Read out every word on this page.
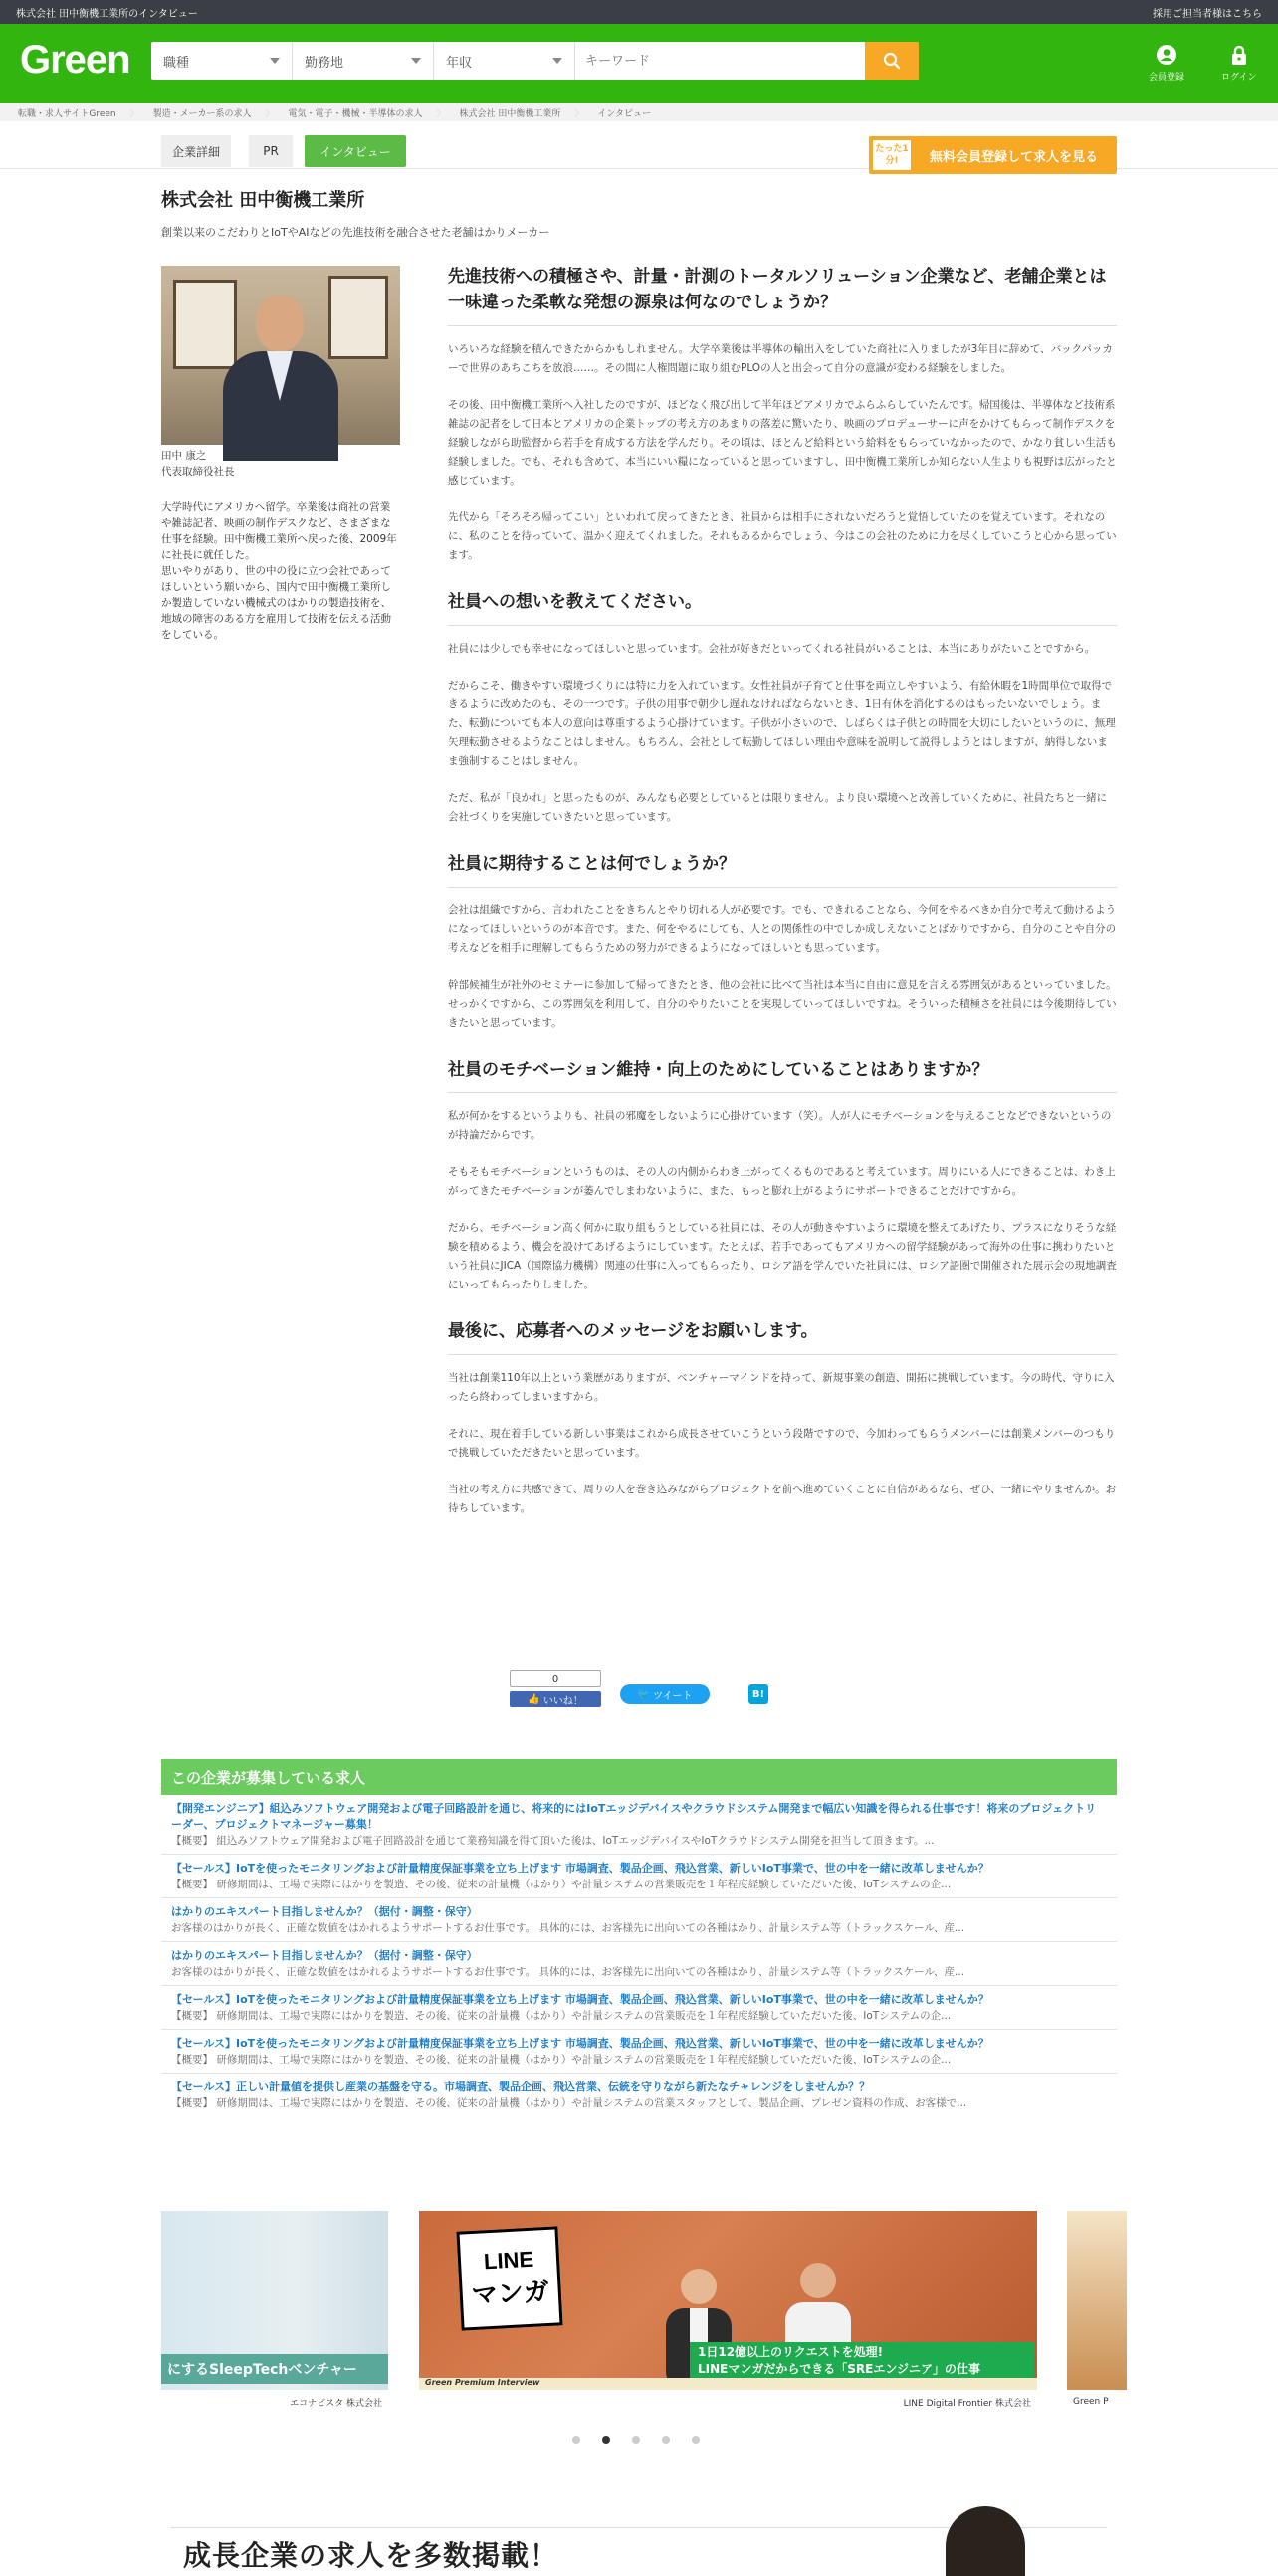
株式会社 田中衡機工業所のインタビュー	採用ご担当者様はこちら
Green	職種	勤務地	年収
キーワード
会員登録	ログイン
転職・求人サイトGreen 〉 製造・メーカー系の求人 〉 電気・電子・機械・半導体の求人 〉 株式会社 田中衡機工業所 〉 インタビュー
企業詳細	PR	インタビュー	たった1分!	無料会員登録して求人を見る
株式会社 田中衡機工業所

創業以来のこだわりとIoTやAIなどの先進技術を融合させた老舗はかりメーカー

田中 康之
代表取締役社長
大学時代にアメリカへ留学。卒業後は商社の営業や雑誌記者、映画の制作デスクなど、さまざまな仕事を経験。田中衡機工業所へ戻った後、2009年に社長に就任した。
思いやりがあり、世の中の役に立つ会社であってほしいという願いから、国内で田中衡機工業所しか製造していない機械式のはかりの製造技術を、地域の障害のある方を雇用して技術を伝える活動をしている。
先進技術への積極さや、計量・計測のトータルソリューション企業など、老舗企業とは一味違った柔軟な発想の源泉は何なのでしょうか？

いろいろな経験を積んできたからかもしれません。大学卒業後は半導体の輸出入をしていた商社に入りましたが3年目に辞めて、バックパッカーで世界のあちこちを放浪……。その間に人権問題に取り組むPLOの人と出会って自分の意識が変わる経験をしました。

その後、田中衡機工業所へ入社したのですが、ほどなく飛び出して半年ほどアメリカでふらふらしていたんです。帰国後は、半導体など技術系雑誌の記者をして日本とアメリカの企業トップの考え方のあまりの落差に驚いたり、映画のプロデューサーに声をかけてもらって制作デスクを経験しながら助監督から若手を育成する方法を学んだり。その頃は、ほとんど給料という給料をもらっていなかったので、かなり貧しい生活も経験しました。でも、それも含めて、本当にいい糧になっていると思っていますし、田中衡機工業所しか知らない人生よりも視野は広がったと感じています。

先代から「そろそろ帰ってこい」といわれて戻ってきたとき、社員からは相手にされないだろうと覚悟していたのを覚えています。それなのに、私のことを待っていて、温かく迎えてくれました。それもあるからでしょう、今はこの会社のために力を尽くしていこうと心から思っています。

社員への想いを教えてください。

社員には少しでも幸せになってほしいと思っています。会社が好きだといってくれる社員がいることは、本当にありがたいことですから。

だからこそ、働きやすい環境づくりには特に力を入れています。女性社員が子育てと仕事を両立しやすいよう、有給休暇を1時間単位で取得できるように改めたのも、その一つです。子供の用事で朝少し遅れなければならないとき、1日有休を消化するのはもったいないでしょう。また、転勤についても本人の意向は尊重するよう心掛けています。子供が小さいので、しばらくは子供との時間を大切にしたいというのに、無理矢理転勤させるようなことはしません。もちろん、会社として転勤してほしい理由や意味を説明して説得しようとはしますが、納得しないまま強制することはしません。

ただ、私が「良かれ」と思ったものが、みんなも必要としているとは限りません。より良い環境へと改善していくために、社員たちと一緒に会社づくりを実施していきたいと思っています。

社員に期待することは何でしょうか？

会社は組織ですから、言われたことをきちんとやり切れる人が必要です。でも、できれることなら、今何をやるべきか自分で考えて動けるようになってほしいというのが本音です。また、何をやるにしても、人との関係性の中でしか成しえないことばかりですから、自分のことや自分の考えなどを相手に理解してもらうための努力ができるようになってほしいとも思っています。

幹部候補生が社外のセミナーに参加して帰ってきたとき、他の会社に比べて当社は本当に自由に意見を言える雰囲気があるといっていました。せっかくですから、この雰囲気を利用して、自分のやりたいことを実現していってほしいですね。そういった積極さを社員には今後期待していきたいと思っています。

社員のモチベーション維持・向上のためにしていることはありますか？

私が何かをするというよりも、社員の邪魔をしないように心掛けています（笑）。人が人にモチベーションを与えることなどできないというのが持論だからです。

そもそもモチベーションというものは、その人の内側からわき上がってくるものであると考えています。周りにいる人にできることは、わき上がってきたモチベーションが萎んでしまわないように、また、もっと膨れ上がるようにサポートできることだけですから。

だから、モチベーション高く何かに取り組もうとしている社員には、その人が動きやすいように環境を整えてあげたり、プラスになりそうな経験を積めるよう、機会を設けてあげるようにしています。たとえば、若手であってもアメリカへの留学経験があって海外の仕事に携わりたいという社員にJICA（国際協力機構）関連の仕事に入ってもらったり、ロシア語を学んでいた社員には、ロシア語圏で開催された展示会の現地調査にいってもらったりしました。

最後に、応募者へのメッセージをお願いします。

当社は創業110年以上という業歴がありますが、ベンチャーマインドを持って、新規事業の創造、開拓に挑戦しています。今の時代、守りに入ったら終わってしまいますから。

それに、現在着手している新しい事業はこれから成長させていこうという段階ですので、今加わってもらうメンバーには創業メンバーのつもりで挑戦していただきたいと思っています。

当社の考え方に共感できて、周りの人を巻き込みながらプロジェクトを前へ進めていくことに自信があるなら、ぜひ、一緒にやりませんか。お待ちしています。

0
👍
いいね！
🐦
ツイート	B!
この企業が募集している求人
【開発エンジニア】組込みソフトウェア開発および電子回路設計を通じ、将来的にはIoTエッジデバイスやクラウドシステム開発まで幅広い知識を得られる仕事です！将来のプロジェクトリーダー、プロジェクトマネージャー募集！
【概要】 組込みソフトウェア開発および電子回路設計を通じて業務知識を得て頂いた後は、IoTエッジデバイスやIoTクラウドシステム開発を担当して頂きます。...
【セールス】IoTを使ったモニタリングおよび計量精度保証事業を立ち上げます 市場調査、製品企画、飛込営業、新しいIoT事業で、世の中を一緒に改革しませんか？
【概要】 研修期間は、工場で実際にはかりを製造、その後、従来の計量機（はかり）や計量システムの営業販売を１年程度経験していただいた後、IoTシステムの企...
はかりのエキスパート目指しませんか？（据付・調整・保守）
お客様のはかりが長く、正確な数値をはかれるようサポートするお仕事です。 具体的には、お客様先に出向いての各種はかり、計量システム等（トラックスケール、産...
はかりのエキスパート目指しませんか？（据付・調整・保守）
お客様のはかりが長く、正確な数値をはかれるようサポートするお仕事です。 具体的には、お客様先に出向いての各種はかり、計量システム等（トラックスケール、産...
【セールス】IoTを使ったモニタリングおよび計量精度保証事業を立ち上げます 市場調査、製品企画、飛込営業、新しいIoT事業で、世の中を一緒に改革しませんか？
【概要】 研修期間は、工場で実際にはかりを製造、その後、従来の計量機（はかり）や計量システムの営業販売を１年程度経験していただいた後、IoTシステムの企...
【セールス】IoTを使ったモニタリングおよび計量精度保証事業を立ち上げます 市場調査、製品企画、飛込営業、新しいIoT事業で、世の中を一緒に改革しませんか？
【概要】 研修期間は、工場で実際にはかりを製造、その後、従来の計量機（はかり）や計量システムの営業販売を１年程度経験していただいた後、IoTシステムの企...
【セールス】正しい計量値を提供し産業の基盤を守る。市場調査、製品企画、飛込営業、伝統を守りながら新たなチャレンジをしませんか？？
【概要】 研修期間は、工場で実際にはかりを製造、その後、従来の計量機（はかり）や計量システムの営業スタッフとして、製品企画、プレゼン資料の作成、お客様で...
にするSleepTechベンチャー
エコナビスタ 株式会社
LINE
マンガ
1日12億以上のリクエストを処理!
LINEマンガだからできる「SREエンジニア」の仕事
Green Premium Interview
LINE Digital Frontier 株式会社	Green P
成長企業の求人を多数掲載！
